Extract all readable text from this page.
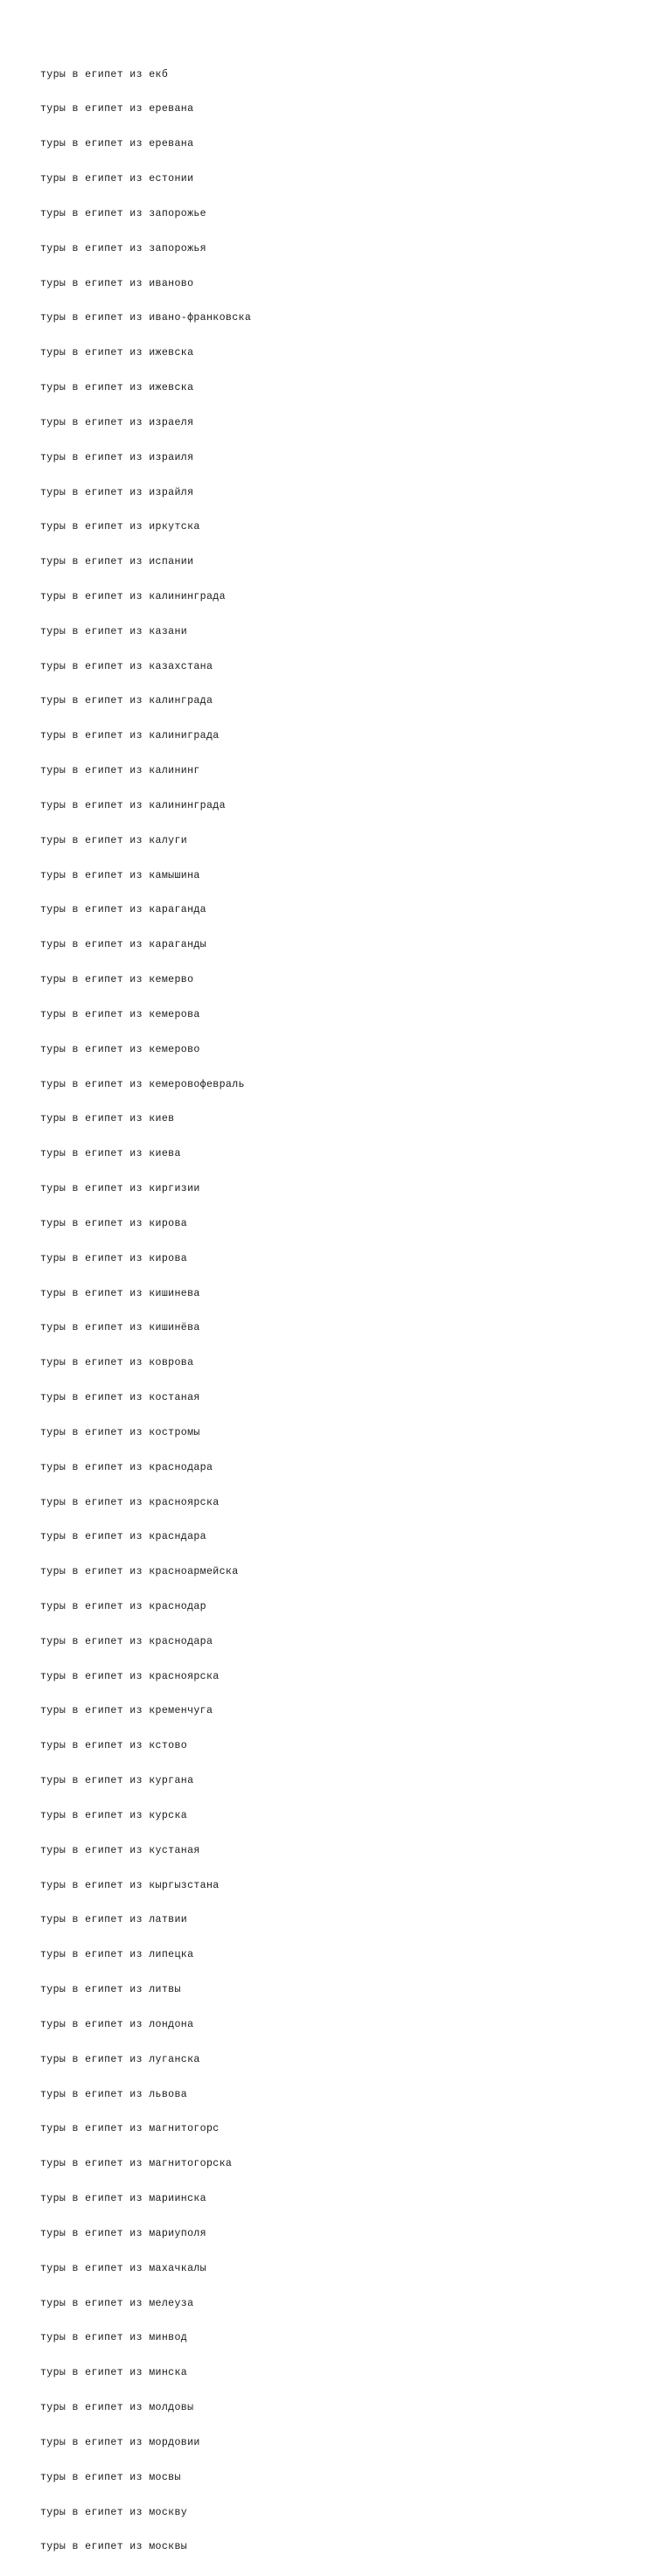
туры в египет из екб

туры в египет из еревана

туры в египет из еревана

туры в египет из естонии

туры в египет из запорожье

туры в египет из запорожья

туры в египет из иваново

туры в египет из ивано-франковска

туры в египет из ижевска

туры в египет из ижевска

туры в египет из израеля

туры в египет из израиля

туры в египет из израйля

туры в египет из иркутска

туры в египет из испании

туры в египет из калининграда

туры в египет из казани

туры в египет из казахстана

туры в египет из калинграда

туры в египет из калиниграда

туры в египет из калининг

туры в египет из калининграда

туры в египет из калуги

туры в египет из камышина

туры в египет из караганда

туры в египет из караганды

туры в египет из кемерво

туры в египет из кемерова

туры в египет из кемерово

туры в египет из кемеровофевраль

туры в египет из киев

туры в египет из киева

туры в египет из киргизии

туры в египет из кирова

туры в египет из кирова

туры в египет из кишинева

туры в египет из кишинёва

туры в египет из коврова

туры в египет из костаная

туры в египет из костромы

туры в египет из краснодара

туры в египет из красноярска

туры в египет из красндара

туры в египет из красноармейска

туры в египет из краснодар

туры в египет из краснодара

туры в египет из красноярска

туры в египет из кременчуга

туры в египет из кстово

туры в египет из кургана

туры в египет из курска

туры в египет из кустаная

туры в египет из кыргызстана

туры в египет из латвии

туры в египет из липецка

туры в египет из литвы

туры в египет из лондона

туры в египет из луганска

туры в египет из львова

туры в египет из магнитогорс

туры в египет из магнитогорска

туры в египет из мариинска

туры в египет из мариуполя

туры в египет из махачкалы

туры в египет из мелеуза

туры в египет из минвод

туры в египет из минска

туры в египет из молдовы

туры в египет из мордовии

туры в египет из мосвы

туры в египет из москву

туры в египет из москвы
